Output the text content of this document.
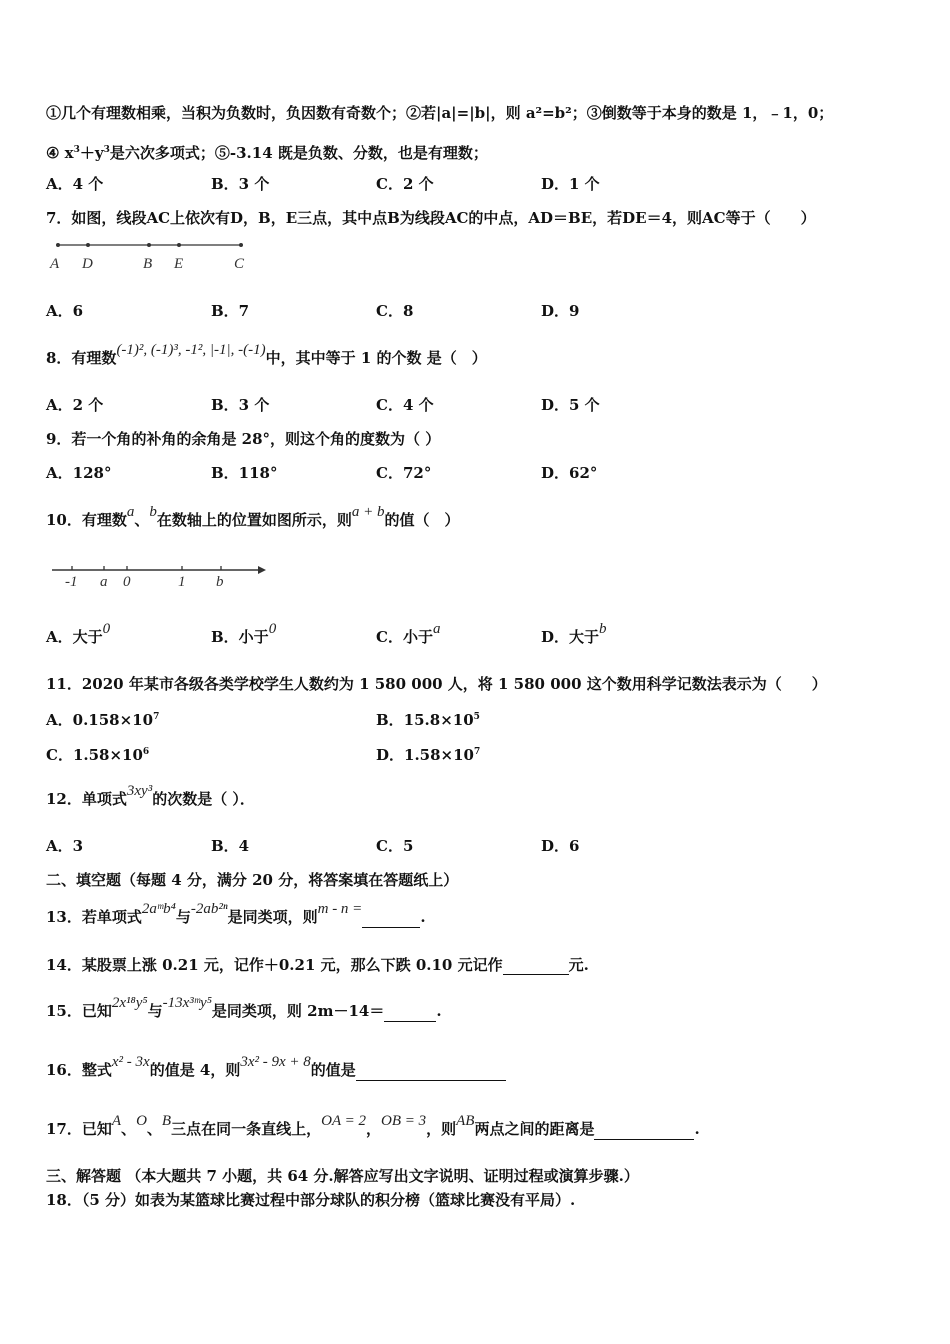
①几个有理数相乘，当积为负数时，负因数有奇数个；②若|a|=|b|，则 a²=b²；③倒数等于本身的数是 1，﹣1，0；
④ $x^3+y^3$是六次多项式；⑤-3.14 既是负数、分数，也是有理数；
A．4 个	B．3 个	C．2 个	D．1 个
7．如图，线段AC上依次有D，B，E三点，其中点B为线段AC的中点，AD＝BE，若DE＝4，则AC等于（　　）
A D	B E	C
A．6	B．7	C．8	D．9
8．有理数(-1)², (-1)³, -1², |-1|, -(-1)中，其中等于 1 的个数 是（　）
A．2 个	B．3 个	C．4 个	D．5 个
9．若一个角的补角的余角是 28°，则这个角的度数为（ ）
A．128°	B．118°	C．72°	D．62°
10．有理数a、b在数轴上的位置如图所示，则a + b的值（　）
-1 a 0	1 b
A．大于0	B．小于0	C．小于a	D．大于b
11．2020 年某市各级各类学校学生人数约为 1 580 000 人，将 1 580 000 这个数用科学记数法表示为（　　）
A．$0.158\times 10^7$	B．$15.8\times 10^5$
C．$1.58\times 10^6$	D．$1.58\times 10^7$
12．单项式3xy³的次数是（ ）．
A．3	B．4	C．5	D．6
二、填空题（每题 4 分，满分 20 分，将答案填在答题纸上）
13．若单项式2aᵐb⁴与-2ab²ⁿ是同类项，则m - n =	.
14．某股票上涨 0.21 元，记作＋0.21 元，那么下跌 0.10 元记作	元.
15．已知2x¹⁸y⁵与-13x³ᵐy⁵是同类项，则 2m－14＝	.
16．整式x² - 3x的值是 4，则3x² - 9x + 8的值是
17．已知A、O、B三点在同一条直线上，OA = 2，OB = 3，则AB两点之间的距离是	.
三、解答题 （本大题共 7 小题，共 64 分.解答应写出文字说明、证明过程或演算步骤.）
18．（5 分）如表为某篮球比赛过程中部分球队的积分榜（篮球比赛没有平局）.
